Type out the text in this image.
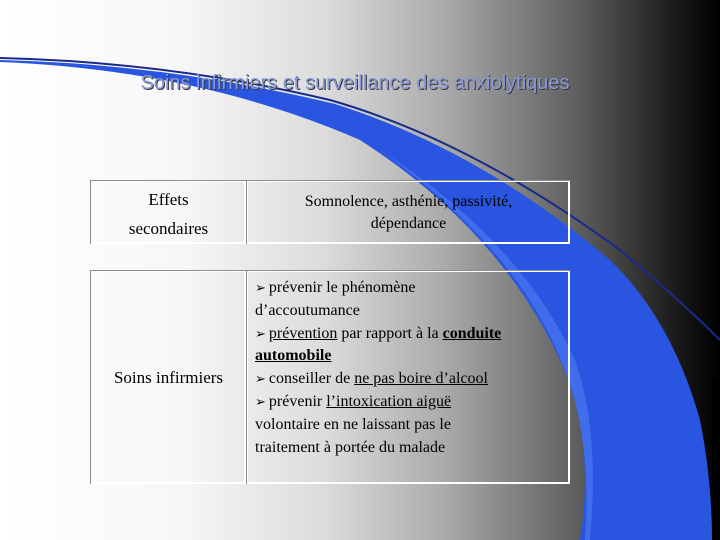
Soins infirmiers et surveillance des anxiolytiques
Effets
secondaires
Somnolence, asthénie, passivité,
dépendance
Soins infirmiers
➢ prévenir le phénomène
d’accoutumance
➢ prévention par rapport à la conduite
automobile
➢ conseiller de ne pas boire d’alcool
➢ prévenir l’intoxication aiguë
volontaire en ne laissant pas le
traitement à portée du malade
